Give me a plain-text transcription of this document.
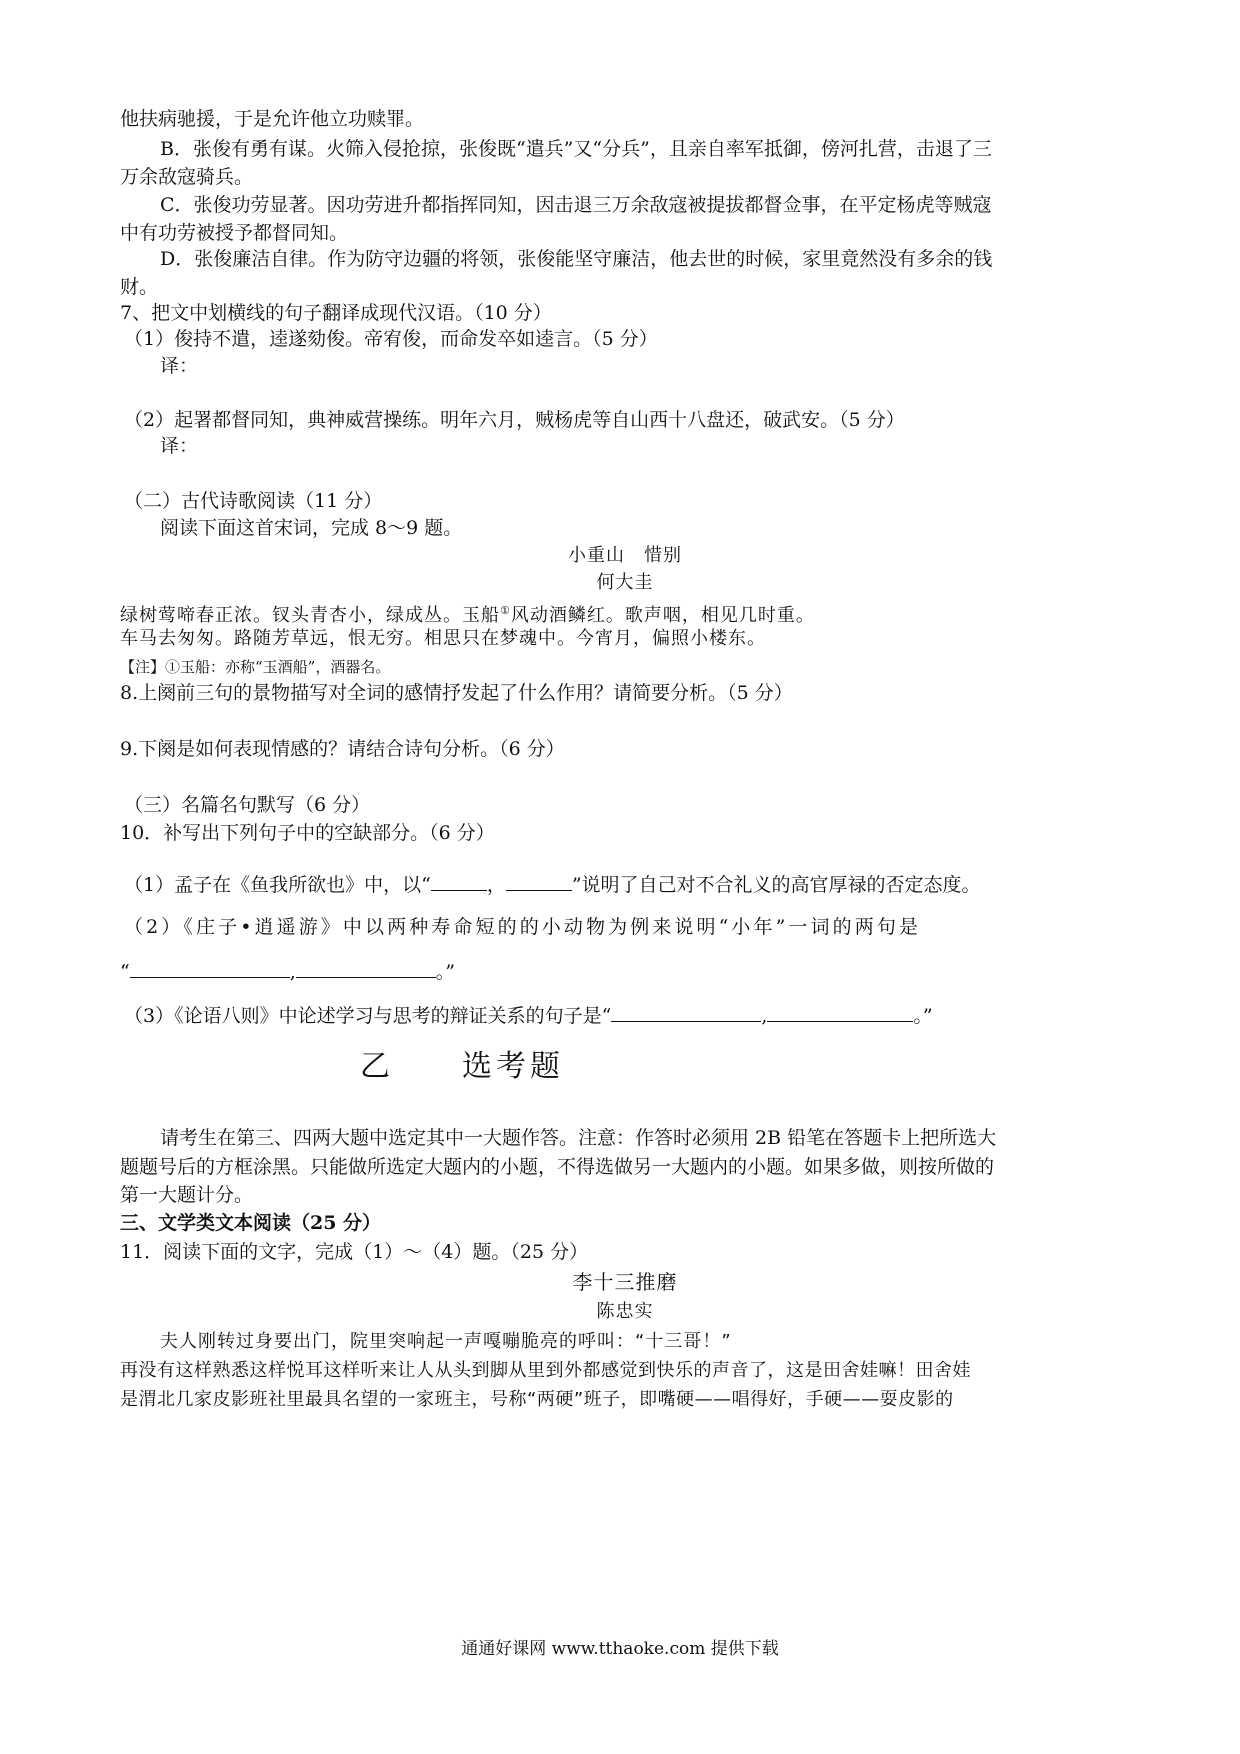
他扶病驰援，于是允许他立功赎罪。
B．张俊有勇有谋。火筛入侵抢掠，张俊既“遣兵”又“分兵”，且亲自率军抵御，傍河扎营，击退了三
万余敌寇骑兵。
C．张俊功劳显著。因功劳进升都指挥同知，因击退三万余敌寇被提拔都督佥事，在平定杨虎等贼寇
中有功劳被授予都督同知。
D．张俊廉洁自律。作为防守边疆的将领，张俊能坚守廉洁，他去世的时候，家里竟然没有多余的钱
财。
7、把文中划横线的句子翻译成现代汉语。（10 分）
（1）俊持不遣，逵遂劾俊。帝宥俊，而命发卒如逵言。（5 分）
译：
（2）起署都督同知，典神威营操练。明年六月，贼杨虎等自山西十八盘还，破武安。（5 分）
译：
（二）古代诗歌阅读（11 分）
阅读下面这首宋词，完成 8～9 题。
小重山　惜别
何大圭
绿树莺啼春正浓。钗头青杏小，绿成丛。玉船①风动酒鳞红。歌声咽，相见几时重。
车马去匆匆。路随芳草远，恨无穷。相思只在梦魂中。今宵月，偏照小楼东。
【注】①玉船：亦称“玉酒船”，酒器名。
8.上阕前三句的景物描写对全词的感情抒发起了什么作用？请简要分析。（5 分）
9.下阕是如何表现情感的？请结合诗句分析。（6 分）
（三）名篇名句默写（6 分）
10．补写出下列句子中的空缺部分。（6 分）
（1）孟子在《鱼我所欲也》中，以“	，	”说明了自己对不合礼义的高官厚禄的否定态度。
（2）《庄子•逍遥游》中以两种寿命短的的小动物为例来说明“小年”一词的两句是
“	,	。”
（3）《论语八则》中论述学习与思考的辩证关系的句子是“	,	。”
乙　　选考题
请考生在第三、四两大题中选定其中一大题作答。注意：作答时必须用 2B 铅笔在答题卡上把所选大
题题号后的方框涂黑。只能做所选定大题内的小题，不得选做另一大题内的小题。如果多做，则按所做的
第一大题计分。
三、文学类文本阅读（25 分）
11．阅读下面的文字，完成（1）～（4）题。（25 分）
李十三推磨
陈忠实
夫人刚转过身要出门，院里突响起一声嘎嘣脆亮的呼叫：“十三哥！”
再没有这样熟悉这样悦耳这样听来让人从头到脚从里到外都感觉到快乐的声音了，这是田舍娃嘛！田舍娃
是渭北几家皮影班社里最具名望的一家班主，号称“两硬”班子，即嘴硬——唱得好，手硬——耍皮影的
通通好课网 www.tthaoke.com 提供下载
